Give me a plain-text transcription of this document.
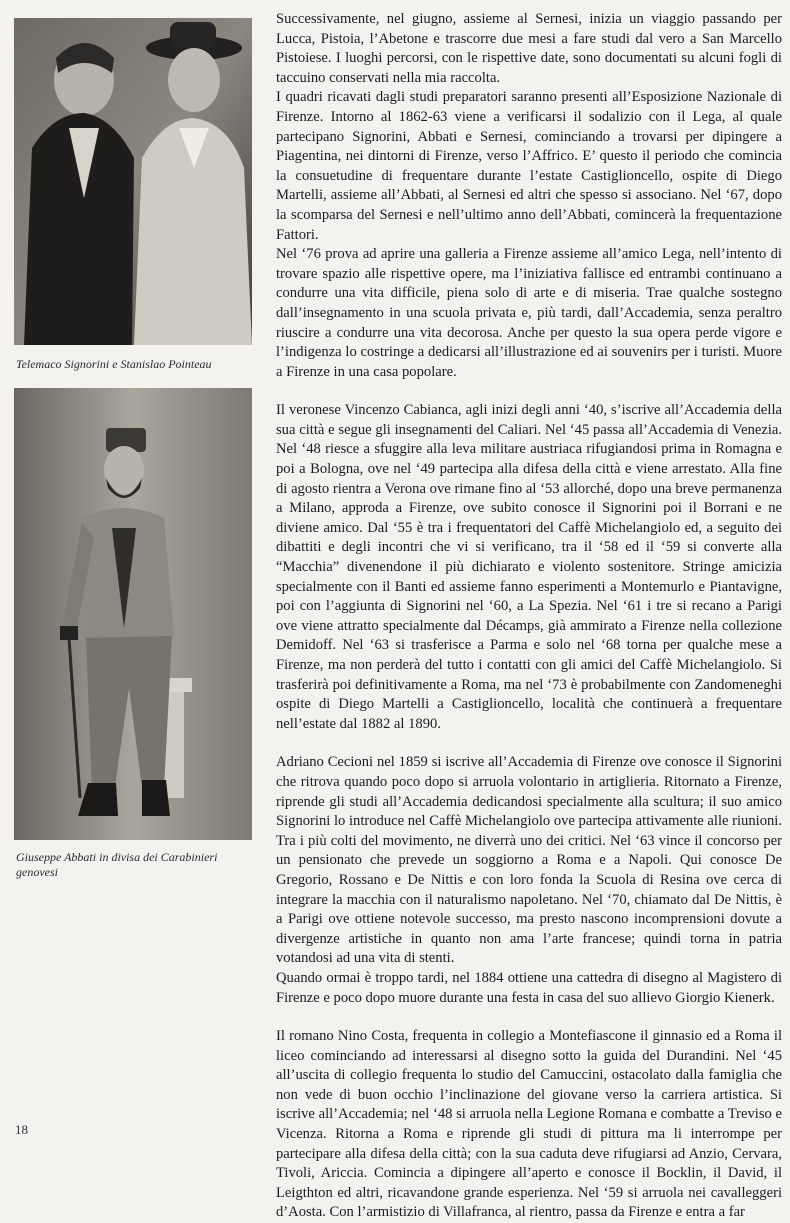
Telemaco Signorini e Stanislao Pointeau
Giuseppe Abbati in divisa dei Carabinieri genovesi

Successivamente, nel giugno, assieme al Sernesi, inizia un viaggio passando per Lucca, Pistoia, l’Abetone e trascorre due mesi a fare studi dal vero a San Marcello Pistoiese. I luoghi percorsi, con le rispettive date, sono documentati su alcuni fogli di taccuino conservati nella mia raccolta.

I quadri ricavati dagli studi preparatori saranno presenti all’Esposizione Nazionale di Firenze. Intorno al 1862-63 viene a verificarsi il sodalizio con il Lega, al quale partecipano Signorini, Abbati e Sernesi, cominciando a trovarsi per dipingere a Piagentina, nei dintorni di Firenze, verso l’Affrico. E’ questo il periodo che comincia la consuetudine di frequentare durante l’estate Castiglioncello, ospite di Diego Martelli, assieme all’Abbati, al Sernesi ed altri che spesso si associano. Nel ‘67, dopo la scomparsa del Sernesi e nell’ultimo anno dell’Abbati, comincerà la frequentazione Fattori.

Nel ‘76 prova ad aprire una galleria a Firenze assieme all’amico Lega, nell’intento di trovare spazio alle rispettive opere, ma l’iniziativa fallisce ed entrambi continuano a condurre una vita difficile, piena solo di arte e di miseria. Trae qualche sostegno dall’insegnamento in una scuola privata e, più tardi, dall’Accademia, senza peraltro riuscire a condurre una vita decorosa. Anche per questo la sua opera perde vigore e l’indigenza lo costringe a dedicarsi all’illustrazione ed ai souvenirs per i turisti. Muore a Firenze in una casa popolare.

Il veronese Vincenzo Cabianca, agli inizi degli anni ‘40, s’iscrive all’Accademia della sua città e segue gli insegnamenti del Caliari. Nel ‘45 passa all’Accademia di Venezia. Nel ‘48 riesce a sfuggire alla leva militare austriaca rifugiandosi prima in Romagna e poi a Bologna, ove nel ‘49 partecipa alla difesa della città e viene arrestato. Alla fine di agosto rientra a Verona ove rimane fino al ‘53 allorché, dopo una breve permanenza a Milano, approda a Firenze, ove subito conosce il Signorini poi il Borrani e ne diviene amico. Dal ‘55 è tra i frequentatori del Caffè Michelangiolo ed, a seguito dei dibattiti e degli incontri che vi si verificano, tra il ‘58 ed il ‘59 si converte alla “Macchia” divenendone il più dichiarato e violento sostenitore. Stringe amicizia specialmente con il Banti ed assieme fanno esperimenti a Montemurlo e Piantavigne, poi con l’aggiunta di Signorini nel ‘60, a La Spezia. Nel ‘61 i tre si recano a Parigi ove viene attratto specialmente dal Décamps, già ammirato a Firenze nella collezione Demidoff. Nel ‘63 si trasferisce a Parma e solo nel ‘68 torna per qualche mese a Firenze, ma non perderà del tutto i contatti con gli amici del Caffè Michelangiolo. Si trasferirà poi definitivamente a Roma, ma nel ‘73 è probabilmente con Zandomeneghi ospite di Diego Martelli a Castiglioncello, località che continuerà a frequentare nell’estate dal 1882 al 1890.

Adriano Cecioni nel 1859 si iscrive all’Accademia di Firenze ove conosce il Signorini che ritrova quando poco dopo si arruola volontario in artiglieria. Ritornato a Firenze, riprende gli studi all’Accademia dedicandosi specialmente alla scultura; il suo amico Signorini lo introduce nel Caffè Michelangiolo ove partecipa attivamente alle riunioni. Tra i più colti del movimento, ne diverrà uno dei critici. Nel ‘63 vince il concorso per un pensionato che prevede un soggiorno a Roma e a Napoli. Qui conosce De Gregorio, Rossano e De Nittis e con loro fonda la Scuola di Resina ove cerca di integrare la macchia con il naturalismo napoletano. Nel ‘70, chiamato dal De Nittis, è a Parigi ove ottiene notevole successo, ma presto nascono incomprensioni dovute a divergenze artistiche in quanto non ama l’arte francese; quindi torna in patria votandosi ad una vita di stenti.

Quando ormai è troppo tardi, nel 1884 ottiene una cattedra di disegno al Magistero di Firenze e poco dopo muore durante una festa in casa del suo allievo Giorgio Kienerk.

Il romano Nino Costa, frequenta in collegio a Montefiascone il ginnasio ed a Roma il liceo cominciando ad interessarsi al disegno sotto la guida del Durandini. Nel ‘45 all’uscita di collegio frequenta lo studio del Camuccini, ostacolato dalla famiglia che non vede di buon occhio l’inclinazione del giovane verso la carriera artistica. Si iscrive all’Accademia; nel ‘48 si arruola nella Legione Romana e combatte a Treviso e Vicenza. Ritorna a Roma e riprende gli studi di pittura ma li interrompe per partecipare alla difesa della città; con la sua caduta deve rifugiarsi ad Anzio, Cervara, Tivoli, Ariccia. Comincia a dipingere all’aperto e conosce il Bocklin, il David, il Leigthton ed altri, ricavandone grande esperienza. Nel ‘59 si arruola nei cavalleggeri d’Aosta. Con l’armistizio di Villafranca, al rientro, passa da Firenze e entra a far

18
